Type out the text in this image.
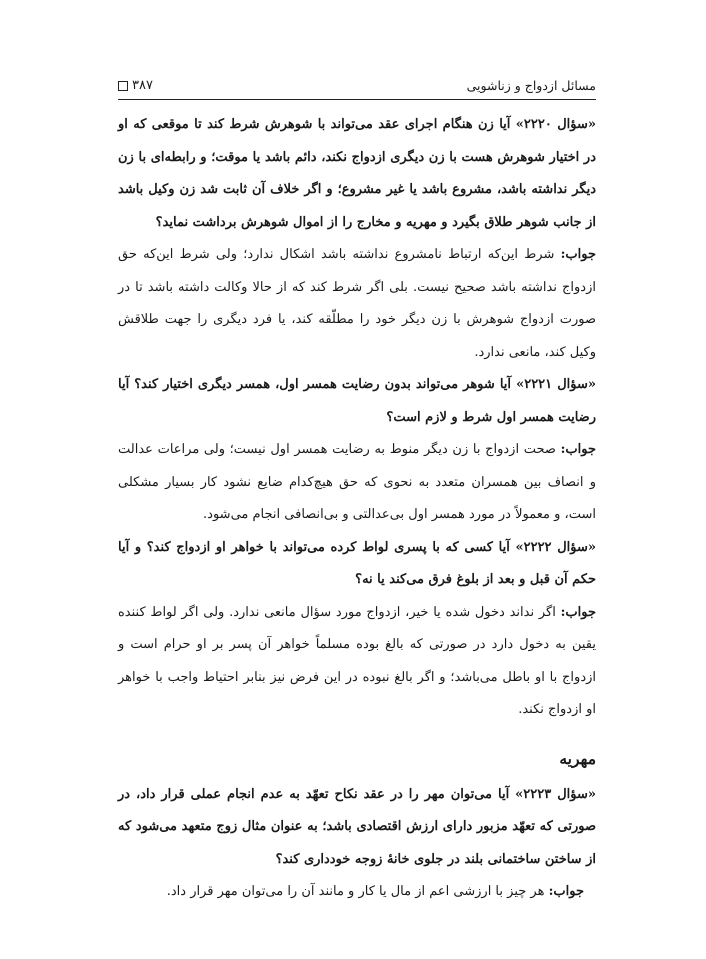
مسائل ازدواج و زناشویی
۳۸۷

«سؤال ۲۲۲۰» آیا زن هنگام اجرای عقد می‌تواند با شوهرش شرط کند تا موقعی که او در اختیار شوهرش هست با زن دیگری ازدواج نکند، دائم باشد یا موقت؛ و رابطه‌ای با زن دیگر نداشته باشد، مشروع باشد یا غیر مشروع؛ و اگر خلاف آن ثابت شد زن وکیل باشد از جانب شوهر طلاق بگیرد و مهریه و مخارج را از اموال شوهرش برداشت نماید؟

جواب: شرط این‌که ارتباط نامشروع نداشته باشد اشکال ندارد؛ ولی شرط این‌که حق ازدواج نداشته باشد صحیح نیست. بلی اگر شرط کند که از حالا وکالت داشته باشد تا در صورت ازدواج شوهرش با زن دیگر خود را مطلّقه کند، یا فرد دیگری را جهت طلاقش وکیل کند، مانعی ندارد.

«سؤال ۲۲۲۱» آیا شوهر می‌تواند بدون رضایت همسر اول، همسر دیگری اختیار کند؟ آیا رضایت همسر اول شرط و لازم است؟

جواب: صحت ازدواج با زن دیگر منوط به رضایت همسر اول نیست؛ ولی مراعات عدالت و انصاف بین همسران متعدد به نحوی که حق هیچ‌کدام ضایع نشود کار بسیار مشکلی است، و معمولاً در مورد همسر اول بی‌عدالتی و بی‌انصافی انجام می‌شود.

«سؤال ۲۲۲۲» آیا کسی که با پسری لواط کرده می‌تواند با خواهر او ازدواج کند؟ و آیا حکم آن قبل و بعد از بلوغ فرق می‌کند یا نه؟

جواب: اگر نداند دخول شده یا خیر، ازدواج مورد سؤال مانعی ندارد. ولی اگر لواط کننده یقین به دخول دارد در صورتی که بالغ بوده مسلماً خواهر آن پسر بر او حرام است و ازدواج با او باطل می‌باشد؛ و اگر بالغ نبوده در این فرض نیز بنابر احتیاط واجب با خواهر او ازدواج نکند.

مهریه

«سؤال ۲۲۲۳» آیا می‌توان مهر را در عقد نکاح تعهّد به عدم انجام عملی قرار داد، در صورتی که تعهّد مزبور دارای ارزش اقتصادی باشد؛ به عنوان مثال زوج متعهد می‌شود که از ساختن ساختمانی بلند در جلوی خانهٔ زوجه خودداری کند؟

جواب: هر چیز با ارزشی اعم از مال یا کار و مانند آن را می‌توان مهر قرار داد.
